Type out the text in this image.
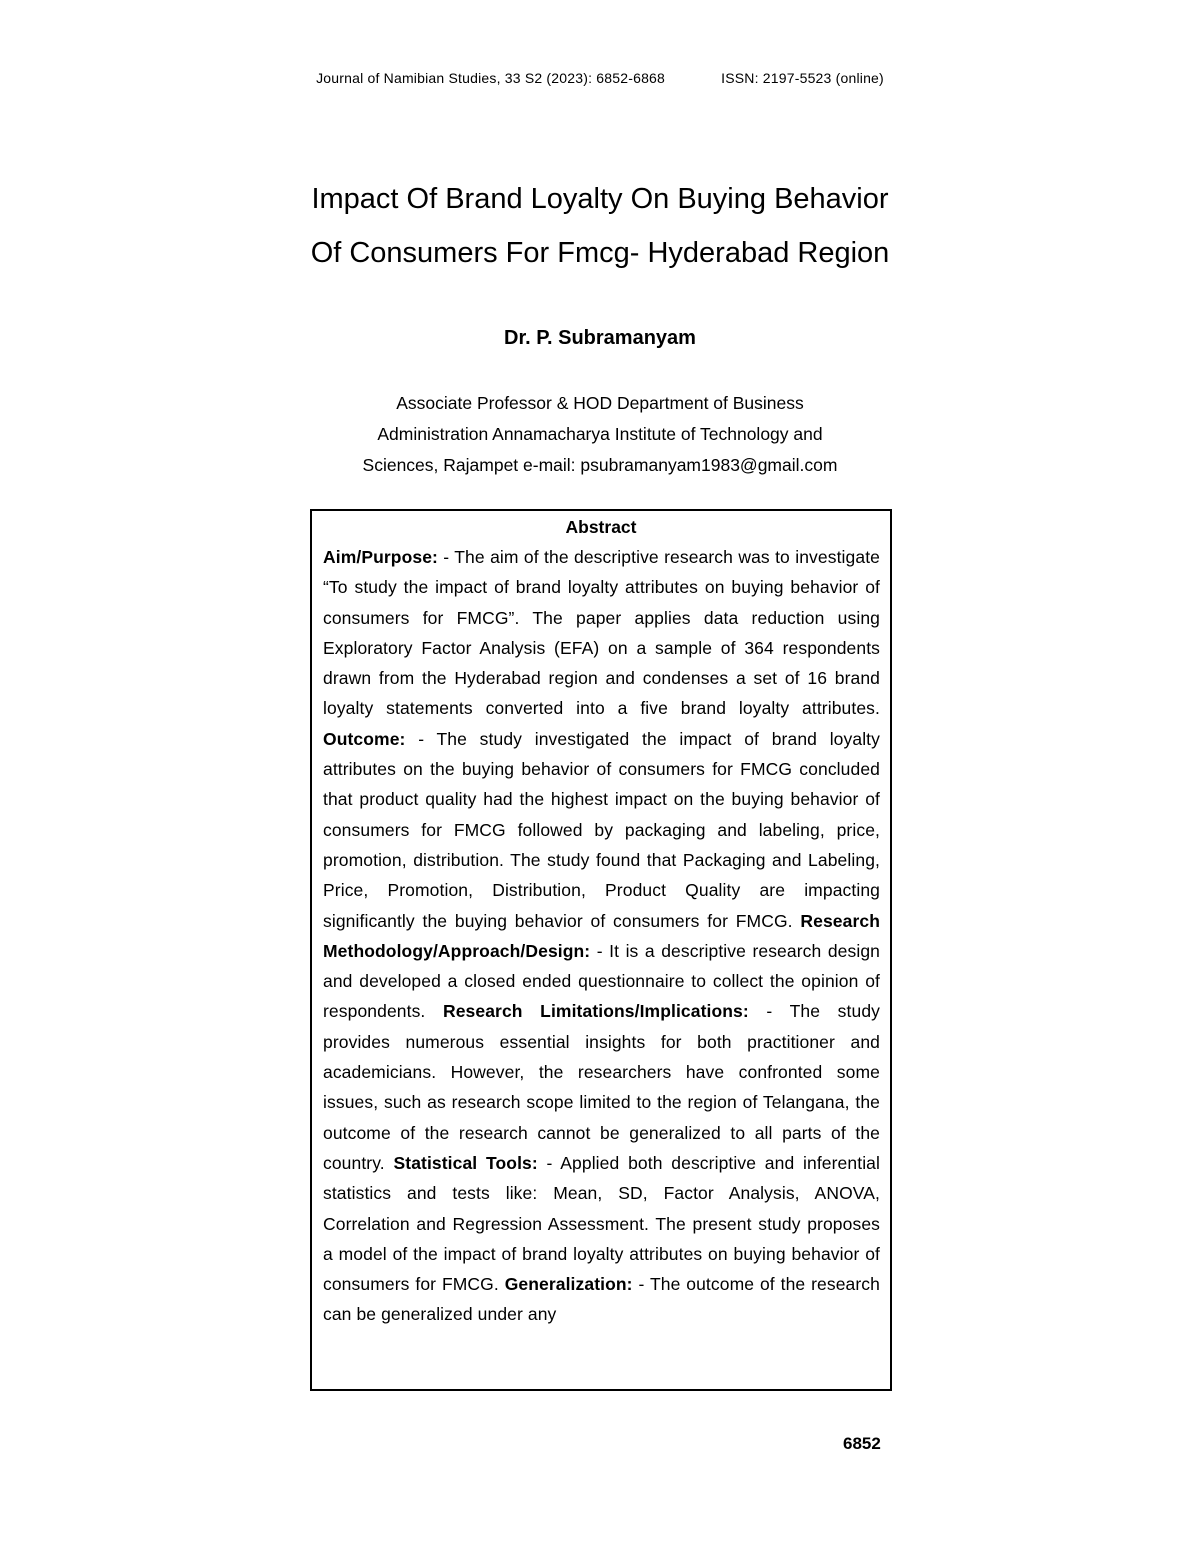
Journal of Namibian Studies, 33 S2 (2023): 6852-6868	ISSN: 2197-5523 (online)
Impact Of Brand Loyalty On Buying Behavior
Of Consumers For Fmcg- Hyderabad Region
Dr. P. Subramanyam
Associate Professor & HOD Department of Business
Administration Annamacharya Institute of Technology and
Sciences, Rajampet e-mail: psubramanyam1983@gmail.com
Abstract
Aim/Purpose: - The aim of the descriptive research was to investigate “To study the impact of brand loyalty attributes on buying behavior of consumers for FMCG”. The paper applies data reduction using Exploratory Factor Analysis (EFA) on a sample of 364 respondents drawn from the Hyderabad region and condenses a set of 16 brand loyalty statements converted into a five brand loyalty attributes. Outcome: - The study investigated the impact of brand loyalty attributes on the buying behavior of consumers for FMCG concluded that product quality had the highest impact on the buying behavior of consumers for FMCG followed by packaging and labeling, price, promotion, distribution. The study found that Packaging and Labeling, Price, Promotion, Distribution, Product Quality are impacting significantly the buying behavior of consumers for FMCG. Research Methodology/Approach/Design: - It is a descriptive research design and developed a closed ended questionnaire to collect the opinion of respondents. Research Limitations/Implications: - The study provides numerous essential insights for both practitioner and academicians. However, the researchers have confronted some issues, such as research scope limited to the region of Telangana, the outcome of the research cannot be generalized to all parts of the country. Statistical Tools: - Applied both descriptive and inferential statistics and tests like: Mean, SD, Factor Analysis, ANOVA, Correlation and Regression Assessment. The present study proposes a model of the impact of brand loyalty attributes on buying behavior of consumers for FMCG. Generalization: - The outcome of the research can be generalized under any
6852
